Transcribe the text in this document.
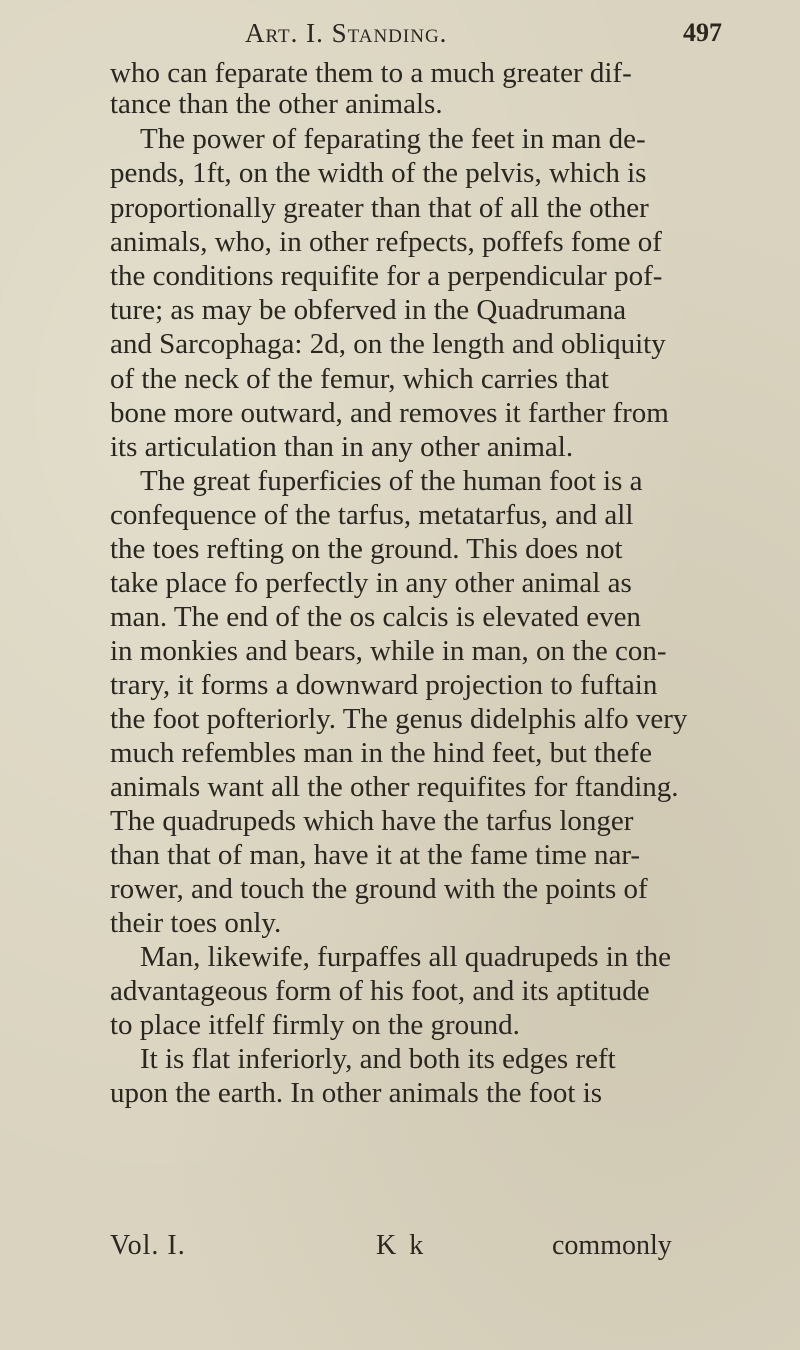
Art. I. Standing.	497
who can feparate them to a much greater dif-
tance than the other animals.
The power of feparating the feet in man de-
pends, 1ft, on the width of the pelvis, which is
proportionally greater than that of all the other
animals, who, in other refpects, poffefs fome of
the conditions requifite for a perpendicular pof-
ture; as may be obferved in the Quadrumana
and Sarcophaga: 2d, on the length and obliquity
of the neck of the femur, which carries that
bone more outward, and removes it farther from
its articulation than in any other animal.
The great fuperficies of the human foot is a
confequence of the tarfus, metatarfus, and all
the toes refting on the ground. This does not
take place fo perfectly in any other animal as
man. The end of the os calcis is elevated even
in monkies and bears, while in man, on the con-
trary, it forms a downward projection to fuftain
the foot pofteriorly. The genus didelphis alfo very
much refembles man in the hind feet, but thefe
animals want all the other requifites for ftanding.
The quadrupeds which have the tarfus longer
than that of man, have it at the fame time nar-
rower, and touch the ground with the points of
their toes only.
Man, likewife, furpaffes all quadrupeds in the
advantageous form of his foot, and its aptitude
to place itfelf firmly on the ground.
It is flat inferiorly, and both its edges reft
upon the earth. In other animals the foot is
Vol. I.	K k	commonly
